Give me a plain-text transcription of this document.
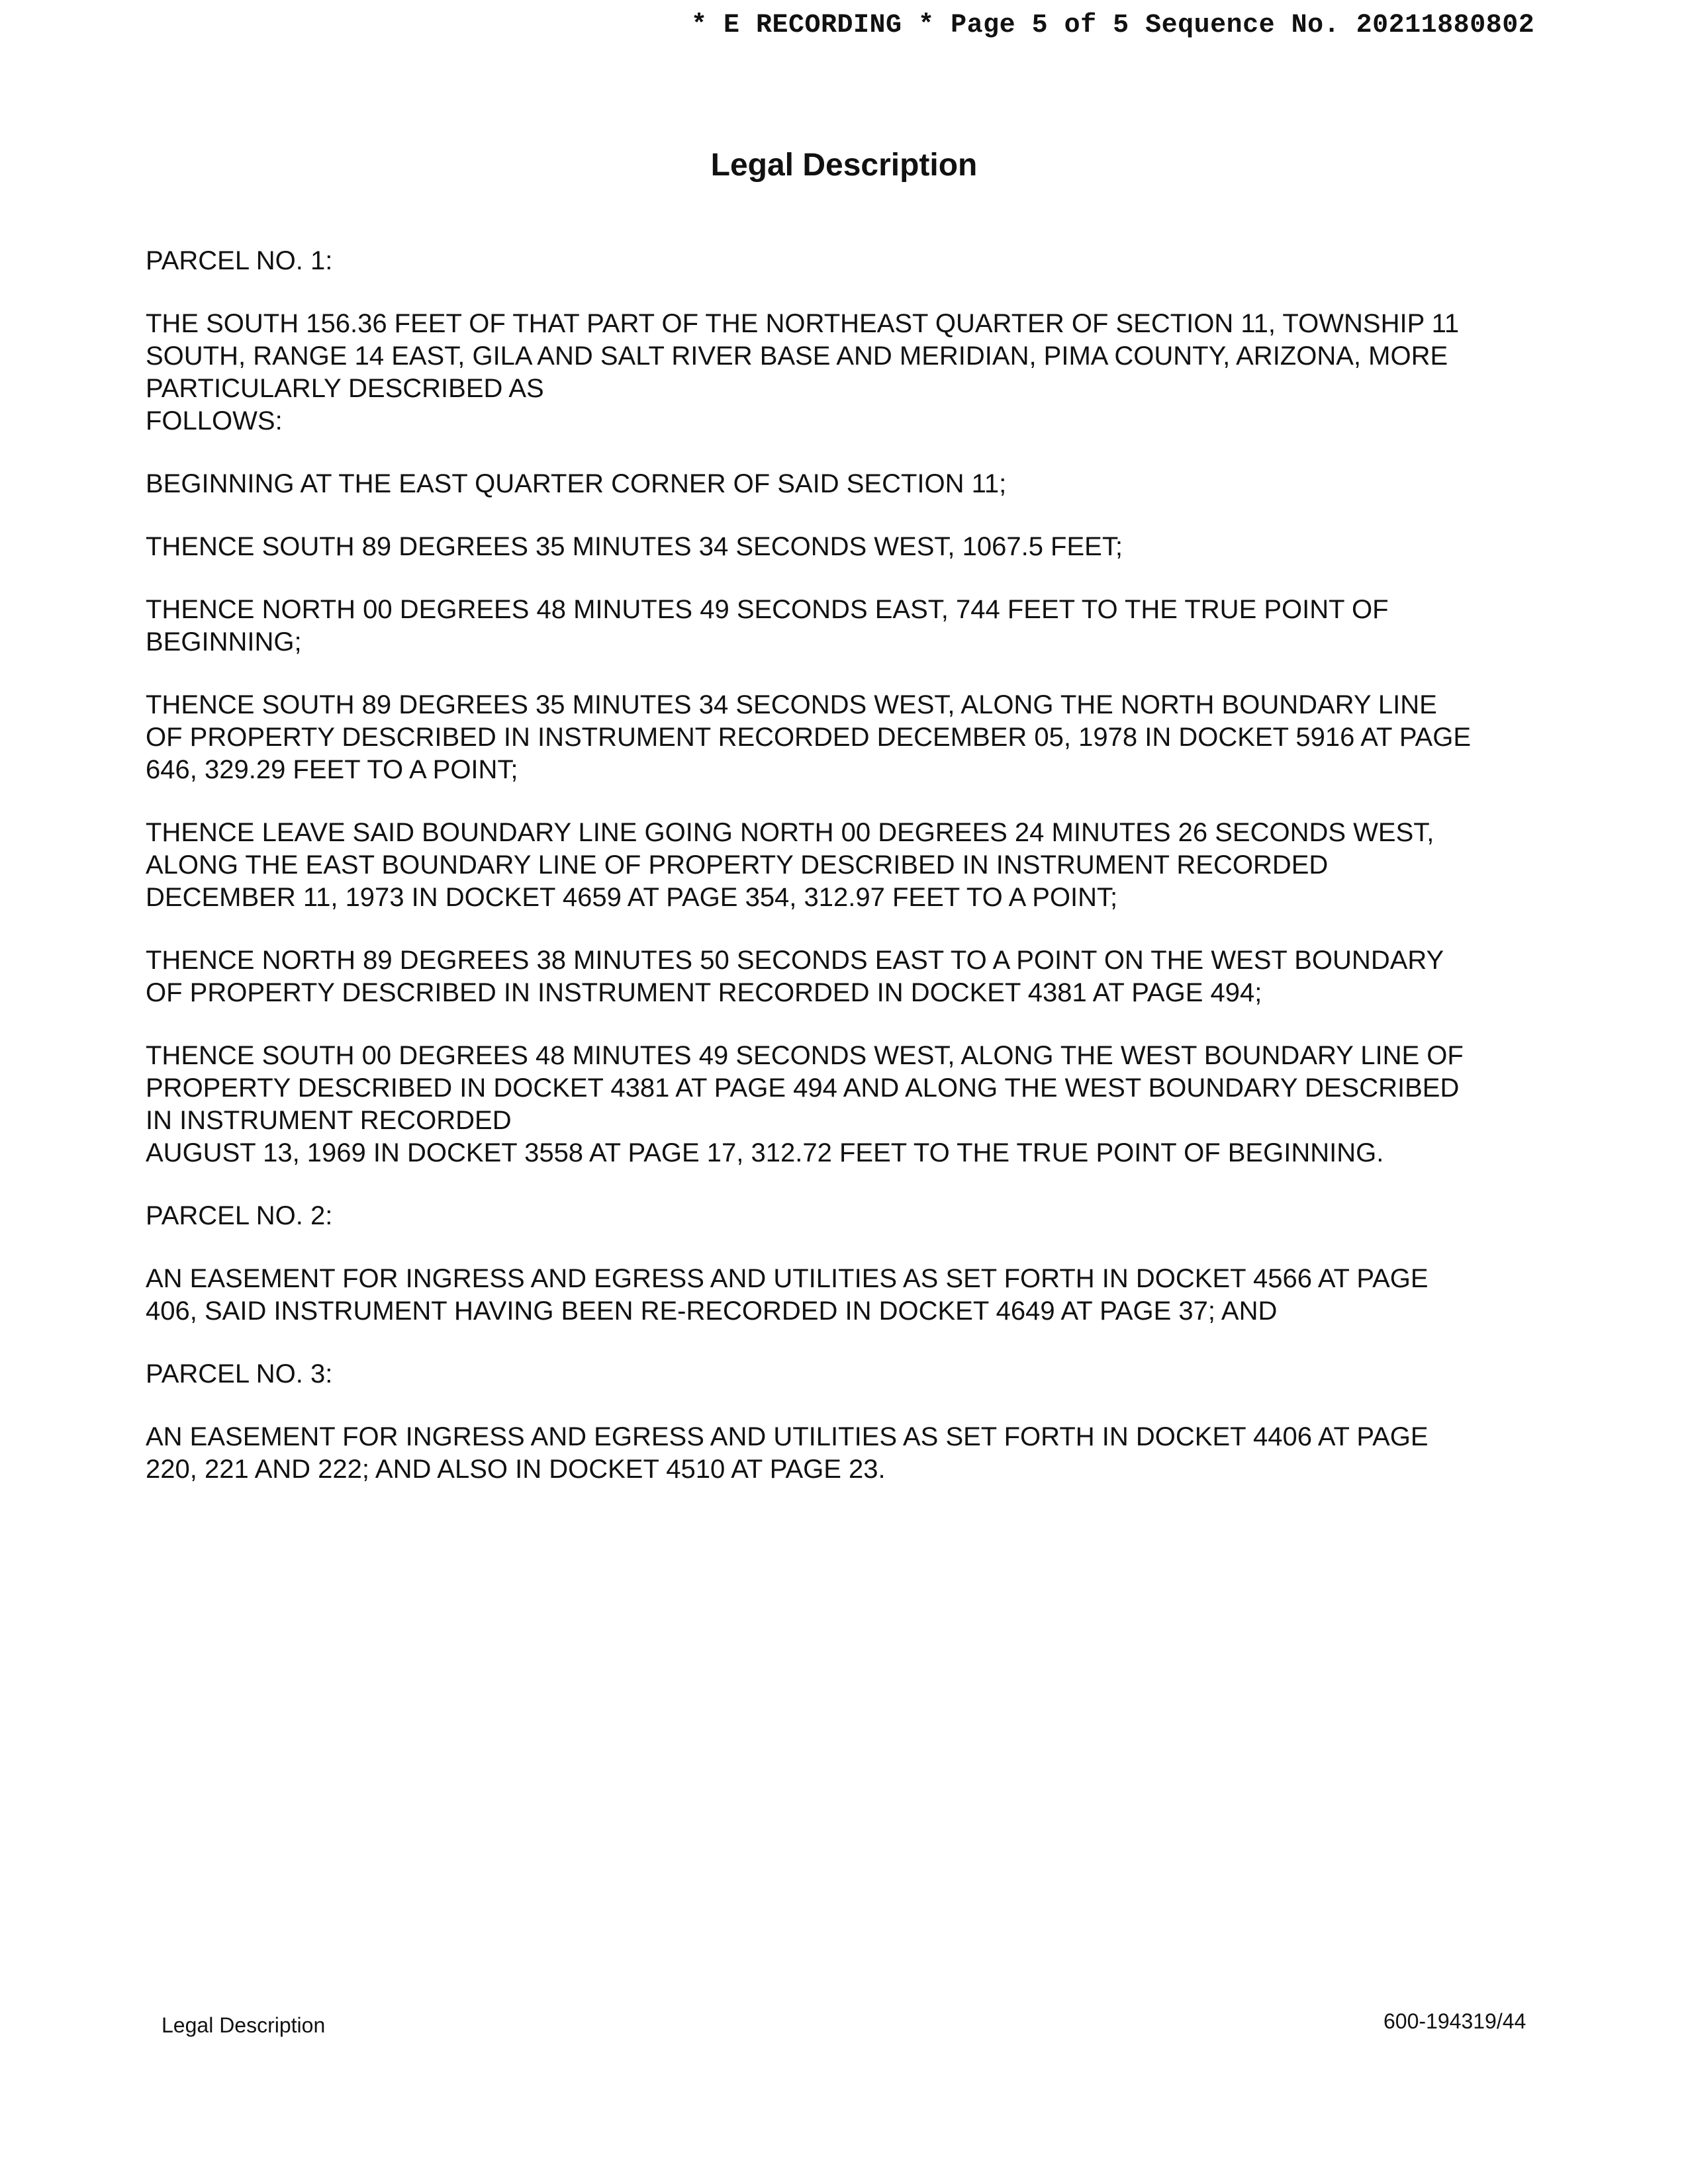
* E RECORDING * Page 5 of 5 Sequence No. 20211880802
Legal Description

PARCEL NO. 1:

THE SOUTH 156.36 FEET OF THAT PART OF THE NORTHEAST QUARTER OF SECTION 11, TOWNSHIP 11
SOUTH, RANGE 14 EAST, GILA AND SALT RIVER BASE AND MERIDIAN, PIMA COUNTY, ARIZONA, MORE
PARTICULARLY DESCRIBED AS
FOLLOWS:

BEGINNING AT THE EAST QUARTER CORNER OF SAID SECTION 11;

THENCE SOUTH 89 DEGREES 35 MINUTES 34 SECONDS WEST, 1067.5 FEET;

THENCE NORTH 00 DEGREES 48 MINUTES 49 SECONDS EAST, 744 FEET TO THE TRUE POINT OF
BEGINNING;

THENCE SOUTH 89 DEGREES 35 MINUTES 34 SECONDS WEST, ALONG THE NORTH BOUNDARY LINE
OF PROPERTY DESCRIBED IN INSTRUMENT RECORDED DECEMBER 05, 1978 IN DOCKET 5916 AT PAGE
646, 329.29 FEET TO A POINT;

THENCE LEAVE SAID BOUNDARY LINE GOING NORTH 00 DEGREES 24 MINUTES 26 SECONDS WEST,
ALONG THE EAST BOUNDARY LINE OF PROPERTY DESCRIBED IN INSTRUMENT RECORDED
DECEMBER 11, 1973 IN DOCKET 4659 AT PAGE 354, 312.97 FEET TO A POINT;

THENCE NORTH 89 DEGREES 38 MINUTES 50 SECONDS EAST TO A POINT ON THE WEST BOUNDARY
OF PROPERTY DESCRIBED IN INSTRUMENT RECORDED IN DOCKET 4381 AT PAGE 494;

THENCE SOUTH 00 DEGREES 48 MINUTES 49 SECONDS WEST, ALONG THE WEST BOUNDARY LINE OF
PROPERTY DESCRIBED IN DOCKET 4381 AT PAGE 494 AND ALONG THE WEST BOUNDARY DESCRIBED
IN INSTRUMENT RECORDED
AUGUST 13, 1969 IN DOCKET 3558 AT PAGE 17, 312.72 FEET TO THE TRUE POINT OF BEGINNING.

PARCEL NO. 2:

AN EASEMENT FOR INGRESS AND EGRESS AND UTILITIES AS SET FORTH IN DOCKET 4566 AT PAGE
406, SAID INSTRUMENT HAVING BEEN RE-RECORDED IN DOCKET 4649 AT PAGE 37; AND

PARCEL NO. 3:

AN EASEMENT FOR INGRESS AND EGRESS AND UTILITIES AS SET FORTH IN DOCKET 4406 AT PAGE
220, 221 AND 222; AND ALSO IN DOCKET 4510 AT PAGE 23.

Legal Description	600-194319/44
